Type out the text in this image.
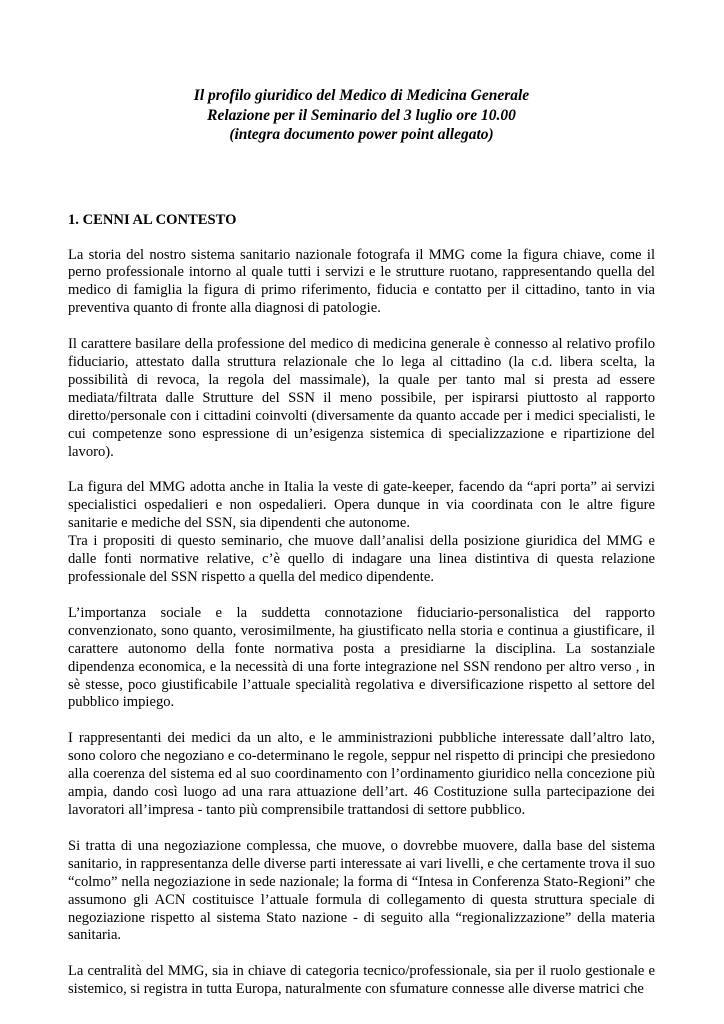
Il profilo giuridico del Medico di Medicina Generale
Relazione per il Seminario del 3 luglio ore 10.00
(integra documento power point allegato)
1. CENNI AL CONTESTO

La storia del nostro sistema sanitario nazionale fotografa il MMG come la figura chiave, come il perno professionale intorno al quale tutti i servizi e le strutture ruotano, rappresentando quella del medico di famiglia la figura di primo riferimento, fiducia e contatto per il cittadino, tanto in via preventiva quanto di fronte alla diagnosi di patologie.

Il carattere basilare della professione del medico di medicina generale è connesso al relativo profilo fiduciario, attestato dalla struttura relazionale che lo lega al cittadino (la c.d. libera scelta, la possibilità di revoca, la regola del massimale), la quale per tanto mal si presta ad essere mediata/filtrata dalle Strutture del SSN il meno possibile, per ispirarsi piuttosto al rapporto diretto/personale con i cittadini coinvolti (diversamente da quanto accade per i medici specialisti, le cui competenze sono espressione di un’esigenza sistemica di specializzazione e ripartizione del lavoro).

La figura del MMG adotta anche in Italia la veste di gate-keeper, facendo da “apri porta” ai servizi specialistici ospedalieri e non ospedalieri. Opera dunque in via coordinata con le altre figure sanitarie e mediche del SSN, sia dipendenti che autonome.

Tra i propositi di questo seminario, che muove dall’analisi della posizione giuridica del MMG e dalle fonti normative relative, c’è quello di indagare una linea distintiva di questa relazione professionale del SSN rispetto a quella del medico dipendente.

L’importanza sociale e la suddetta connotazione fiduciario-personalistica del rapporto convenzionato, sono quanto, verosimilmente, ha giustificato nella storia e continua a giustificare, il carattere autonomo della fonte normativa posta a presidiarne la disciplina. La sostanziale dipendenza economica, e la necessità di una forte integrazione nel SSN rendono per altro verso , in sè stesse, poco giustificabile l’attuale specialità regolativa e diversificazione rispetto al settore del pubblico impiego.

I rappresentanti dei medici da un alto, e le amministrazioni pubbliche interessate dall’altro lato, sono coloro che negoziano e co-determinano le regole, seppur nel rispetto di principi che presiedono alla coerenza del sistema ed al suo coordinamento con l’ordinamento giuridico nella concezione più ampia, dando così luogo ad una rara attuazione dell’art. 46 Costituzione sulla partecipazione dei lavoratori all’impresa - tanto più comprensibile trattandosi di settore pubblico.

Si tratta di una negoziazione complessa, che muove, o dovrebbe muovere, dalla base del sistema sanitario, in rappresentanza delle diverse parti interessate ai vari livelli, e che certamente trova il suo “colmo” nella negoziazione in sede nazionale; la forma di “Intesa in Conferenza Stato-Regioni” che assumono gli ACN costituisce l’attuale formula di collegamento di questa struttura speciale di negoziazione rispetto al sistema Stato nazione - di seguito alla “regionalizzazione” della materia sanitaria.

La centralità del MMG, sia in chiave di categoria tecnico/professionale, sia per il ruolo gestionale e sistemico, si registra in tutta Europa, naturalmente con sfumature connesse alle diverse matrici che
